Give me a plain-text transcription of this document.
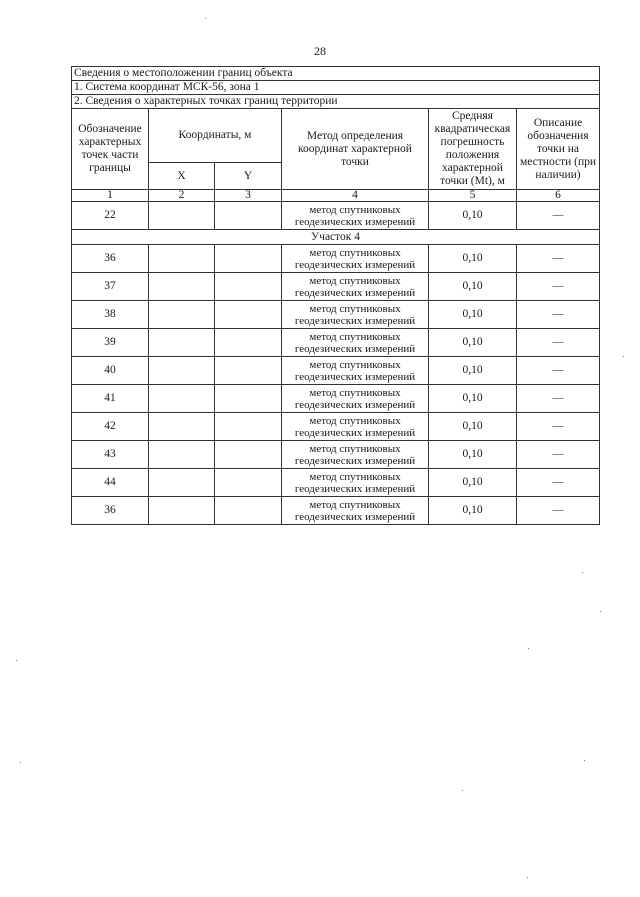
28
Сведения о местоположении границ объекта					
1. Система координат МСК-56, зона 1					
2. Сведения о характерных точках границ территории					
Обозначение характерных точек части границы	Координаты, м		Метод определения координат характерной точки	Средняя квадратическая погрешность положения характерной точки (Mt), м	Описание обозначения точки на местности (при наличии)
	X	Y			
1	2	3	4	5	6
22			метод спутниковых геодезических измерений	0,10	—
Участок 4					
36			метод спутниковых геодезических измерений	0,10	—
37			метод спутниковых геодезических измерений	0,10	—
38			метод спутниковых геодезических измерений	0,10	—
39			метод спутниковых геодезических измерений	0,10	—
40			метод спутниковых геодезических измерений	0,10	—
41			метод спутниковых геодезических измерений	0,10	—
42			метод спутниковых геодезических измерений	0,10	—
43			метод спутниковых геодезических измерений	0,10	—
44			метод спутниковых геодезических измерений	0,10	—
36			метод спутниковых геодезических измерений	0,10	—
